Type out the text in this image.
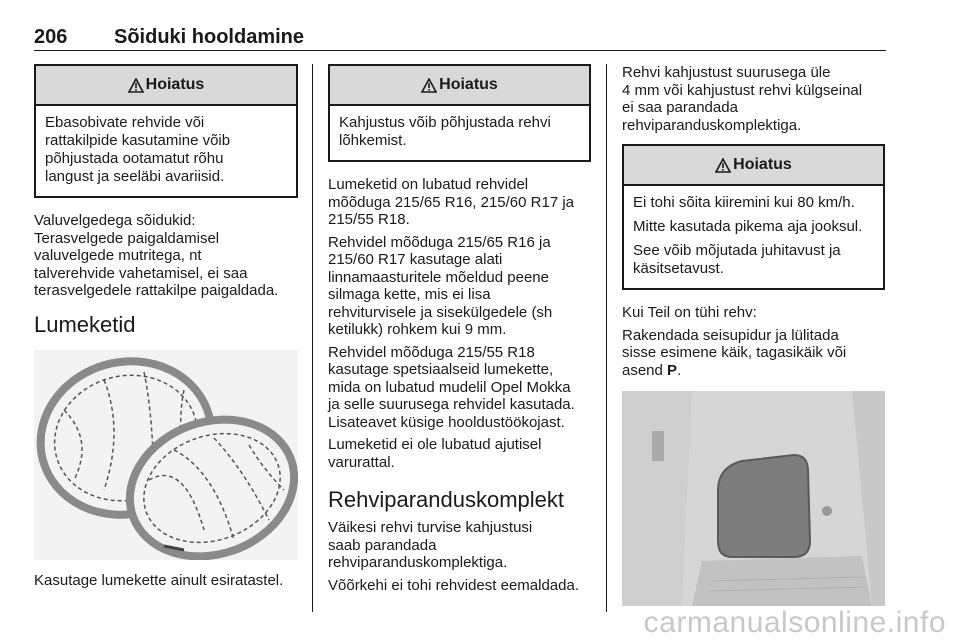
206 Sõiduki hooldamine
Hoiatus
Ebasobivate rehvide või
rattakilpide kasutamine võib
põhjustada ootamatut rõhu
langust ja seeläbi avariisid.

Valuvelgedega sõidukid:
Terasvelgede paigaldamisel
valuvelgede mutritega, nt
talverehvide vahetamisel, ei saa
terasvelgedele rattakilpe paigaldada.

Lumeketid

Kasutage lumekette ainult esiratastel.

Hoiatus
Kahjustus võib põhjustada rehvi
lõhkemist.

Lumeketid on lubatud rehvidel
mõõduga 215/65 R16, 215/60 R17 ja
215/55 R18.

Rehvidel mõõduga 215/65 R16 ja
215/60 R17 kasutage alati
linnamaasturitele mõeldud peene
silmaga kette, mis ei lisa
rehviturvisele ja sisekülgedele (sh
ketilukk) rohkem kui 9 mm.

Rehvidel mõõduga 215/55 R18
kasutage spetsiaalseid lumekette,
mida on lubatud mudelil Opel Mokka
ja selle suurusega rehvidel kasutada.
Lisateavet küsige hooldustöökojast.

Lumeketid ei ole lubatud ajutisel
varurattal.

Rehviparanduskomplekt

Väikesi rehvi turvise kahjustusi
saab parandada
rehviparanduskomplektiga.

Võõrkehi ei tohi rehvidest eemaldada.

Rehvi kahjustust suurusega üle
4 mm või kahjustust rehvi külgseinal
ei saa parandada
rehviparanduskomplektiga.

Hoiatus

Ei tohi sõita kiiremini kui 80 km/h.

Mitte kasutada pikema aja jooksul.

See võib mõjutada juhitavust ja
käsitsetavust.

Kui Teil on tühi rehv:

Rakendada seisupidur ja lülitada
sisse esimene käik, tagasikäik või
asend P.

carmanualsonline.info
